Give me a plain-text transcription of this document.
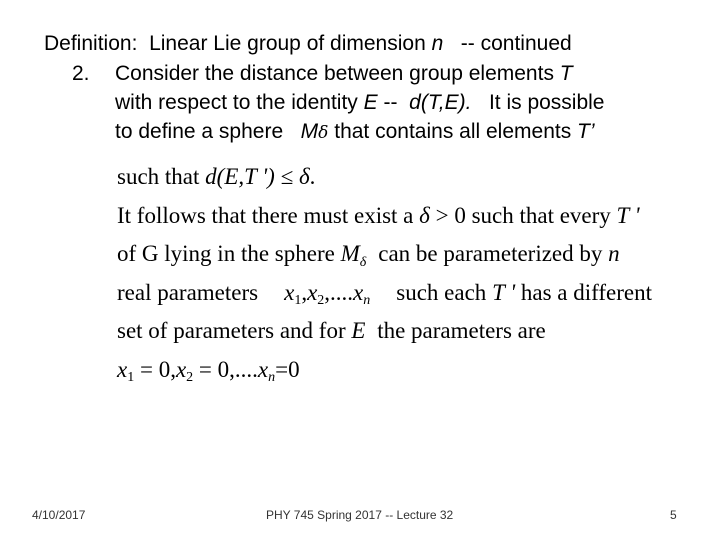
Definition: Linear Lie group of dimension n -- continued
2. Consider the distance between group elements T
with respect to the identity E -- d(T,E). It is possible
to define a sphere Mδ that contains all elements T’
such that d(E,T ') ≤ δ.
It follows that there must exist a δ > 0 such that every T '
of G lying in the sphere $M_\delta$ can be parameterized by n
real parameters $x_1,x_2,....x_n$ such each T ' has a different
set of parameters and for E the parameters are
$x_1 = 0,x_2 = 0,....x_n=0$
4/10/2017	PHY 745 Spring 2017 -- Lecture 32	5
